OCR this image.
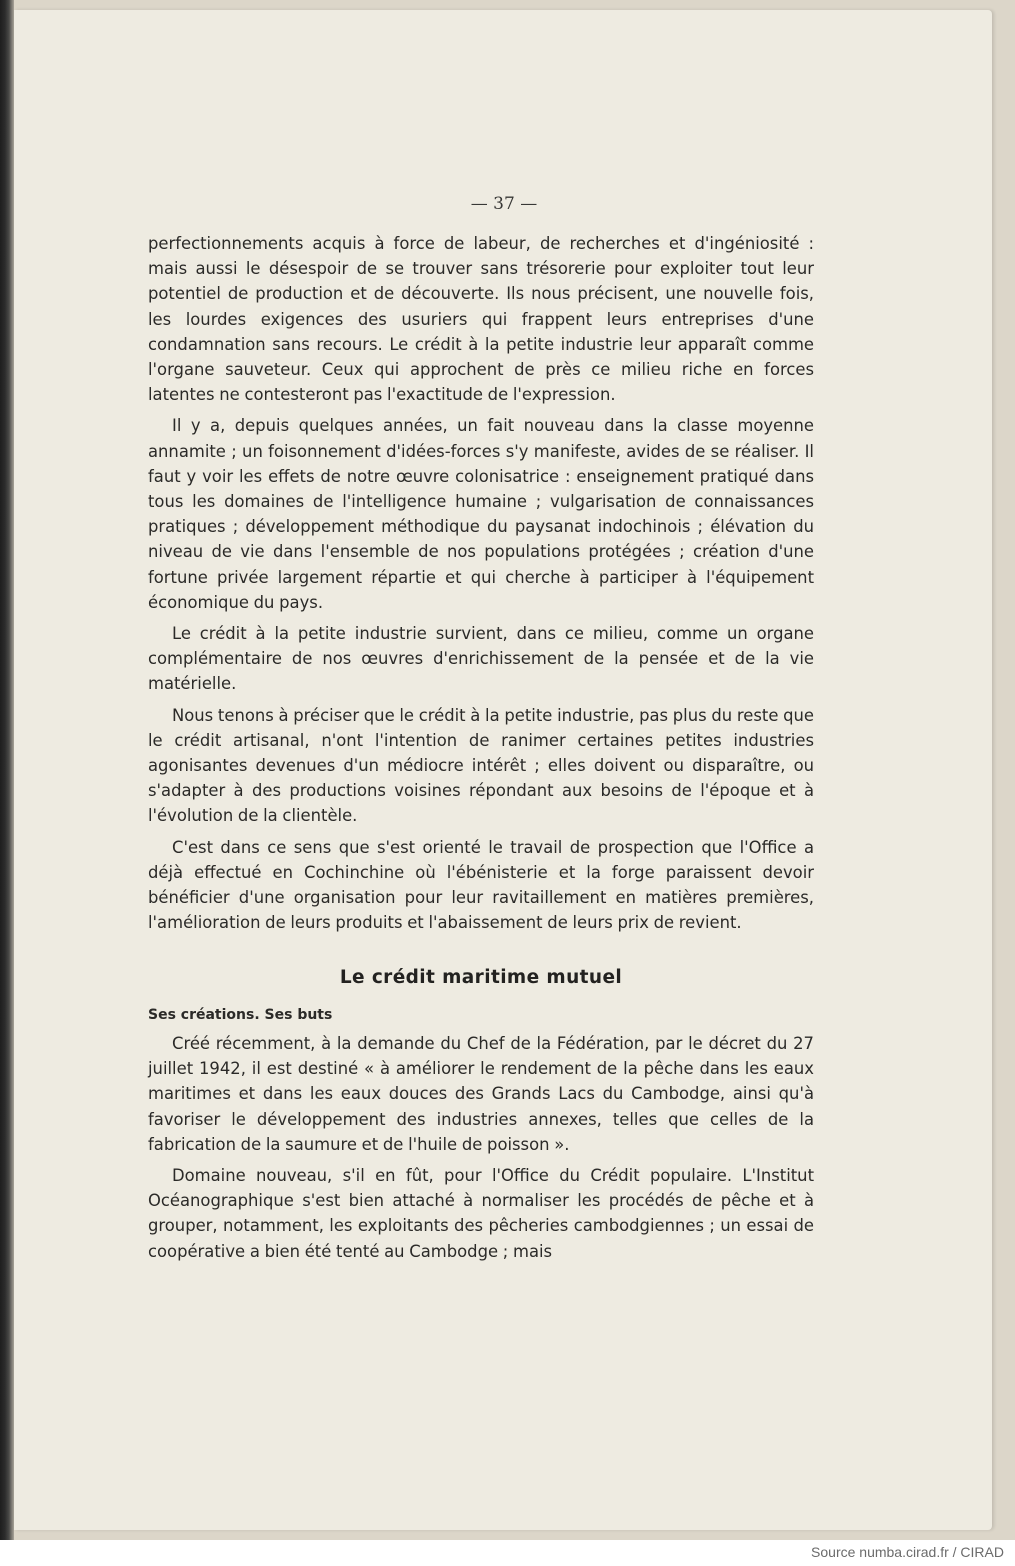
— 37 —

perfectionnements acquis à force de labeur, de recherches et d'ingéniosité : mais aussi le désespoir de se trouver sans trésorerie pour exploiter tout leur potentiel de production et de découverte. Ils nous précisent, une nouvelle fois, les lourdes exigences des usuriers qui frappent leurs entreprises d'une condamnation sans recours. Le crédit à la petite industrie leur apparaît comme l'organe sauveteur. Ceux qui approchent de près ce milieu riche en forces latentes ne contesteront pas l'exactitude de l'expression.

Il y a, depuis quelques années, un fait nouveau dans la classe moyenne annamite ; un foisonnement d'idées-forces s'y manifeste, avides de se réaliser. Il faut y voir les effets de notre œuvre colonisatrice : enseignement pratiqué dans tous les domaines de l'intelligence humaine ; vulgarisation de connaissances pratiques ; développement méthodique du paysanat indochinois ; élévation du niveau de vie dans l'ensemble de nos populations protégées ; création d'une fortune privée largement répartie et qui cherche à participer à l'équipement économique du pays.

Le crédit à la petite industrie survient, dans ce milieu, comme un organe complémentaire de nos œuvres d'enrichissement de la pensée et de la vie matérielle.

Nous tenons à préciser que le crédit à la petite industrie, pas plus du reste que le crédit artisanal, n'ont l'intention de ranimer certaines petites industries agonisantes devenues d'un médiocre intérêt ; elles doivent ou disparaître, ou s'adapter à des productions voisines répondant aux besoins de l'époque et à l'évolution de la clientèle.

C'est dans ce sens que s'est orienté le travail de prospection que l'Office a déjà effectué en Cochinchine où l'ébénisterie et la forge paraissent devoir bénéficier d'une organisation pour leur ravitaillement en matières premières, l'amélioration de leurs produits et l'abaissement de leurs prix de revient.

Le crédit maritime mutuel
Ses créations. Ses buts

Créé récemment, à la demande du Chef de la Fédération, par le décret du 27 juillet 1942, il est destiné « à améliorer le rendement de la pêche dans les eaux maritimes et dans les eaux douces des Grands Lacs du Cambodge, ainsi qu'à favoriser le développement des industries annexes, telles que celles de la fabrication de la saumure et de l'huile de poisson ».

Domaine nouveau, s'il en fût, pour l'Office du Crédit populaire. L'Institut Océanographique s'est bien attaché à normaliser les procédés de pêche et à grouper, notamment, les exploitants des pêcheries cambodgiennes ; un essai de coopérative a bien été tenté au Cambodge ; mais

Source numba.cirad.fr / CIRAD
